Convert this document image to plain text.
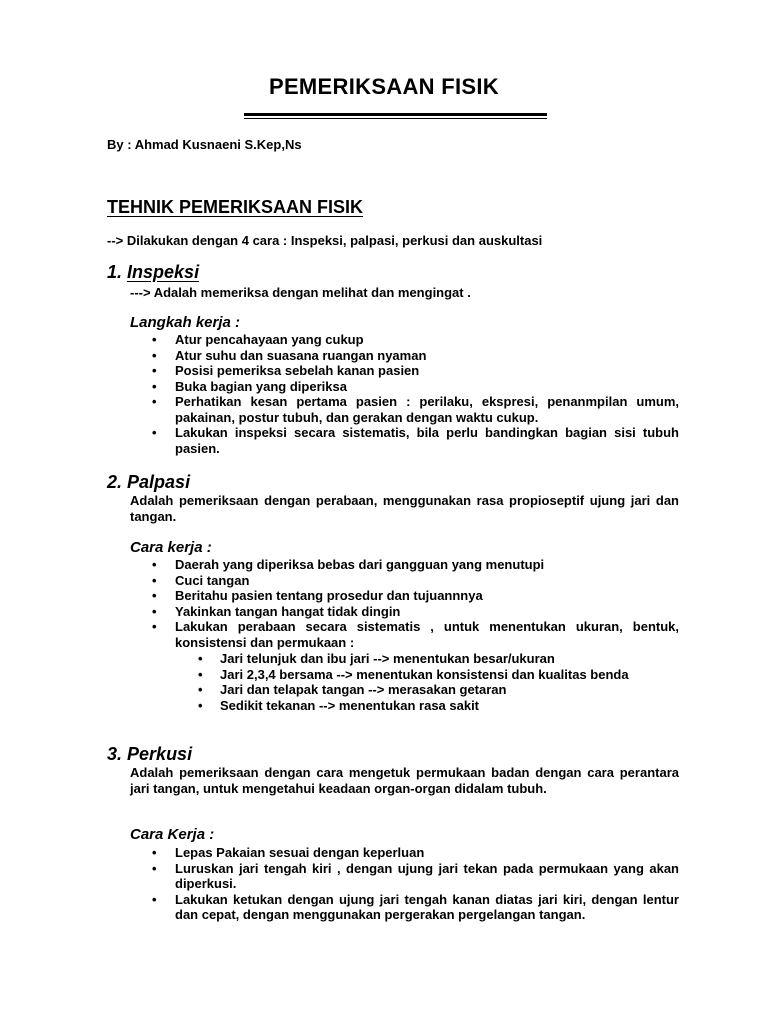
PEMERIKSAAN FISIK
By : Ahmad Kusnaeni S.Kep,Ns
TEHNIK PEMERIKSAAN FISIK
--> Dilakukan dengan 4 cara : Inspeksi, palpasi, perkusi dan auskultasi
1. Inspeksi
---> Adalah memeriksa dengan melihat dan mengingat .
Langkah kerja :
• Atur pencahayaan yang cukup
• Atur suhu dan suasana ruangan nyaman
• Posisi pemeriksa sebelah kanan pasien
• Buka bagian yang diperiksa
• Perhatikan kesan pertama pasien : perilaku, ekspresi, penanmpilan umum, pakainan, postur tubuh, dan gerakan dengan waktu cukup.
• Lakukan inspeksi secara sistematis, bila perlu bandingkan bagian sisi tubuh pasien.
2. Palpasi
Adalah pemeriksaan dengan perabaan, menggunakan rasa propioseptif ujung jari dan tangan.
Cara kerja :
• Daerah yang diperiksa bebas dari gangguan yang menutupi
• Cuci tangan
• Beritahu pasien tentang prosedur dan tujuannnya
• Yakinkan tangan hangat tidak dingin
• Lakukan perabaan secara sistematis , untuk menentukan ukuran, bentuk, konsistensi dan permukaan :
• Jari telunjuk dan ibu jari --> menentukan besar/ukuran
• Jari 2,3,4 bersama --> menentukan konsistensi dan kualitas benda
• Jari dan telapak tangan --> merasakan getaran
• Sedikit tekanan --> menentukan rasa sakit
3. Perkusi
Adalah pemeriksaan dengan cara mengetuk permukaan badan dengan cara perantara jari tangan, untuk mengetahui keadaan organ-organ didalam tubuh.
Cara Kerja :
• Lepas Pakaian sesuai dengan keperluan
• Luruskan jari tengah kiri , dengan ujung jari tekan pada permukaan yang akan diperkusi.
• Lakukan ketukan dengan ujung jari tengah kanan diatas jari kiri, dengan lentur dan cepat, dengan menggunakan pergerakan pergelangan tangan.
